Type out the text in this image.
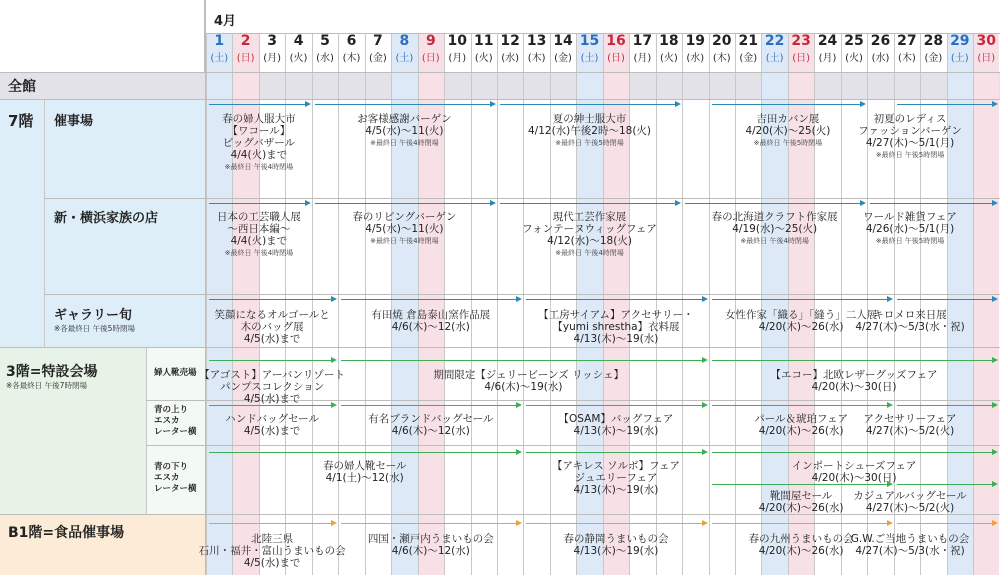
1
(土)
2
(日)
3
(月)
4
(火)
5
(水)
6
(木)
7
(金)
8
(土)
9
(日)
10
(月)
11
(火)
12
(水)
13
(木)
14
(金)
15
(土)
16
(日)
17
(月)
18
(火)
19
(水)
20
(木)
21
(金)
22
(土)
23
(日)
24
(月)
25
(火)
26
(水)
27
(木)
28
(金)
29
(土)
30
(日)
4月
全館
7階 催事場
新・横浜家族の店
ギャラリー旬
※各最終日 午後5時閉場
3階=特設会場
※各最終日 午後7時閉場
婦人靴売場
青の上り
エスカ
レーター横
青の下り
エスカ
レーター横
B1階=食品催事場
春の婦人服大市
【ワコール】
ビッグバザール
4/4(火)まで
※最終日 午後4時閉場
お客様感謝バーゲン
4/5(水)〜11(火)
※最終日 午後4時閉場
夏の紳士服大市
4/12(水)午後2時〜18(火)
※最終日 午後5時閉場
吉田カバン展
4/20(木)〜25(火)
※最終日 午後5時閉場
初夏のレディス
ファッションバーゲン
4/27(木)〜5/1(月)
※最終日 午後5時閉場
日本の工芸職人展
〜西日本編〜
4/4(火)まで
※最終日 午後4時閉場
春のリビングバーゲン
4/5(水)〜11(火)
※最終日 午後4時閉場
現代工芸作家展
フォンテーヌウィッグフェア
4/12(水)〜18(火)
※最終日 午後4時閉場
春の北海道クラフト作家展
4/19(水)〜25(火)
※最終日 午後4時閉場
ワールド雑貨フェア
4/26(水)〜5/1(月)
※最終日 午後5時閉場
笑顔になるオルゴールと
木のバッグ展
4/5(水)まで
有田焼 倉島泰山窯作品展
4/6(木)〜12(水)
【工房サイアム】アクセサリー・
【yumi shrestha】衣料展
4/13(木)〜19(水)
女性作家「織る」「縫う」二人展
4/20(木)〜26(水)
キロメロ来日展
4/27(木)〜5/3(水・祝)
【アゴスト】アーバンリゾート
パンプスコレクション
4/5(水)まで
期間限定【ジェリービーンズ リッシェ】
4/6(木)〜19(水)
【エコー】北欧レザーグッズフェア
4/20(木)〜30(日)
ハンドバッグセール
4/5(水)まで
有名ブランドバッグセール
4/6(木)〜12(水)
【OSAM】バッグフェア
4/13(木)〜19(水)
パール＆琥珀フェア
4/20(木)〜26(水)
アクセサリーフェア
4/27(木)〜5/2(火)
春の婦人靴セール
4/1(土)〜12(水)
【アキレス ソルボ】フェア
ジュエリーフェア
4/13(木)〜19(水)
インポートシューズフェア
4/20(木)〜30(日)
靴間屋セール
4/20(木)〜26(水)
カジュアルバッグセール
4/27(木)〜5/2(火)
北陸三県
石川・福井・富山うまいもの会
4/5(水)まで
四国・瀬戸内うまいもの会
4/6(木)〜12(水)
春の静岡うまいもの会
4/13(木)〜19(水)
春の九州うまいもの会
4/20(木)〜26(水)
G.W.ご当地うまいもの会
4/27(木)〜5/3(水・祝)
